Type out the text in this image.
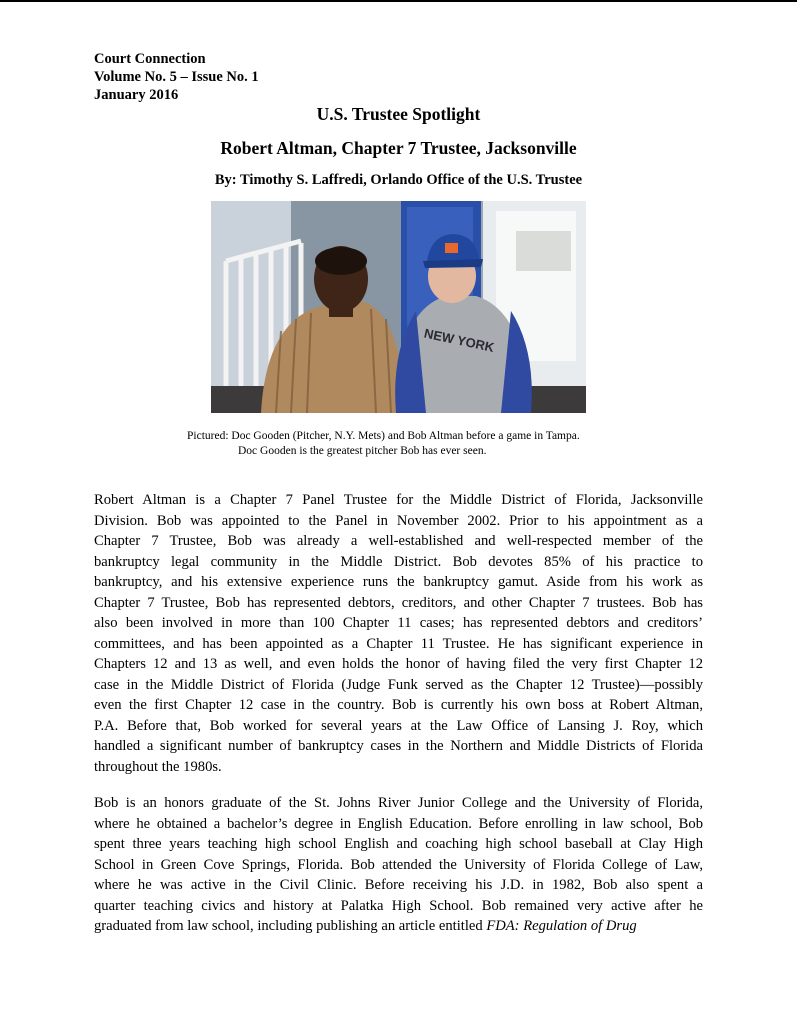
Court Connection
Volume No. 5 – Issue No. 1
January 2016
U.S. Trustee Spotlight
Robert Altman, Chapter 7 Trustee, Jacksonville
By: Timothy S. Laffredi, Orlando Office of the U.S. Trustee
NEW YORK
Pictured: Doc Gooden (Pitcher, N.Y. Mets) and Bob Altman before a game in Tampa.
Doc Gooden is the greatest pitcher Bob has ever seen.
Robert Altman is a Chapter 7 Panel Trustee for the Middle District of Florida, Jacksonville
Division. Bob was appointed to the Panel in November 2002. Prior to his appointment as a
Chapter 7 Trustee, Bob was already a well-established and well-respected member of the
bankruptcy legal community in the Middle District. Bob devotes 85% of his practice to
bankruptcy, and his extensive experience runs the bankruptcy gamut. Aside from his work as
Chapter 7 Trustee, Bob has represented debtors, creditors, and other Chapter 7 trustees. Bob has
also been involved in more than 100 Chapter 11 cases; has represented debtors and creditors’
committees, and has been appointed as a Chapter 11 Trustee. He has significant experience in
Chapters 12 and 13 as well, and even holds the honor of having filed the very first Chapter 12
case in the Middle District of Florida (Judge Funk served as the Chapter 12 Trustee)—possibly
even the first Chapter 12 case in the country. Bob is currently his own boss at Robert Altman,
P.A. Before that, Bob worked for several years at the Law Office of Lansing J. Roy, which
handled a significant number of bankruptcy cases in the Northern and Middle Districts of Florida
throughout the 1980s.
Bob is an honors graduate of the St. Johns River Junior College and the University of Florida,
where he obtained a bachelor’s degree in English Education. Before enrolling in law school, Bob
spent three years teaching high school English and coaching high school baseball at Clay High
School in Green Cove Springs, Florida. Bob attended the University of Florida College of Law,
where he was active in the Civil Clinic. Before receiving his J.D. in 1982, Bob also spent a
quarter teaching civics and history at Palatka High School. Bob remained very active after he
graduated from law school, including publishing an article entitled FDA: Regulation of Drug
